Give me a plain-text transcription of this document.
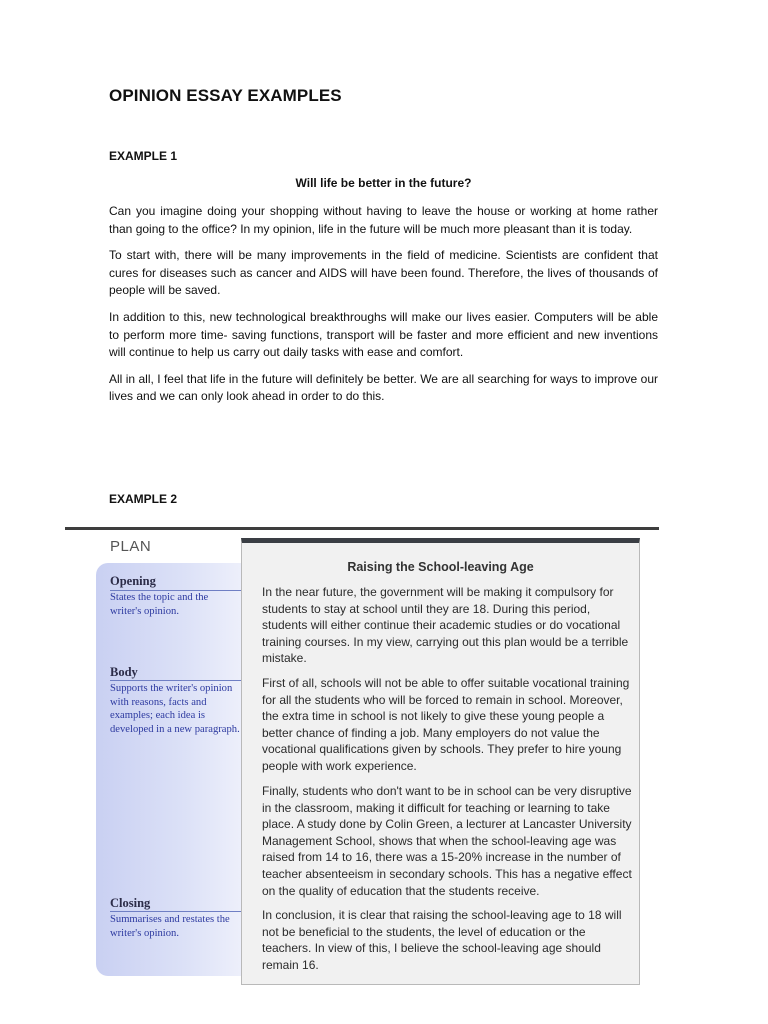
OPINION ESSAY EXAMPLES
EXAMPLE 1
Will life be better in the future?

Can you imagine doing your shopping without having to leave the house or working at home rather than going to the office? In my opinion, life in the future will be much more pleasant than it is today.

To start with, there will be many improvements in the field of medicine. Scientists are confident that cures for diseases such as cancer and AIDS will have been found. Therefore, the lives of thousands of people will be saved.

In addition to this, new technological breakthroughs will make our lives easier. Computers will be able to perform more time- saving functions, transport will be faster and more efficient and new inventions will continue to help us carry out daily tasks with ease and comfort.

All in all, I feel that life in the future will definitely be better. We are all searching for ways to improve our lives and we can only look ahead in order to do this.

EXAMPLE 2
PLAN
Opening
States the topic and the writer's opinion.
Body
Supports the writer's opinion with reasons, facts and examples; each idea is developed in a new paragraph.
Closing
Summarises and restates the writer's opinion.
Raising the School-leaving Age
In the near future, the government will be making it compulsory for students to stay at school until they are 18. During this period, students will either continue their academic studies or do vocational training courses. In my view, carrying out this plan would be a terrible mistake.
First of all, schools will not be able to offer suitable vocational training for all the students who will be forced to remain in school. Moreover, the extra time in school is not likely to give these young people a better chance of finding a job. Many employers do not value the vocational qualifications given by schools. They prefer to hire young people with work experience.
Finally, students who don't want to be in school can be very disruptive in the classroom, making it difficult for teaching or learning to take place. A study done by Colin Green, a lecturer at Lancaster University Management School, shows that when the school-leaving age was raised from 14 to 16, there was a 15-20% increase in the number of teacher absenteeism in secondary schools. This has a negative effect on the quality of education that the students receive.
In conclusion, it is clear that raising the school-leaving age to 18 will not be beneficial to the students, the level of education or the teachers. In view of this, I believe the school-leaving age should remain 16.
